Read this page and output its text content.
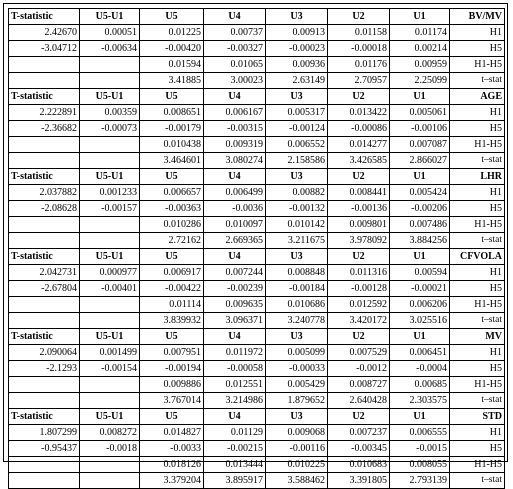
T-statistic	U5-U1	U5	U4	U3	U2	U1	BV/MV
2.42670	0.00051	0.01225	0.00737	0.00913	0.01158	0.01174	H1
-3.04712	-0.00634	-0.00420	-0.00327	-0.00023	-0.00018	0.00214	H5
		0.01594	0.01065	0.00936	0.01176	0.00959	H1-H5
		3.41885	3.00023	2.63149	2.70957	2.25099	t–stat
T-statistic	U5-U1	U5	U4	U3	U2	U1	AGE
2.222891	0.00359	0.008651	0.006167	0.005317	0.013422	0.005061	H1
-2.36682	-0.00073	-0.00179	-0.00315	-0.00124	-0.00086	-0.00106	H5
		0.010438	0.009319	0.006552	0.014277	0.007087	H1-H5
		3.464601	3.080274	2.158586	3.426585	2.866027	t–stat
T-statistic	U5-U1	U5	U4	U3	U2	U1	LHR
2.037882	0.001233	0.006657	0.006499	0.00882	0.008441	0.005424	H1
-2.08628	-0.00157	-0.00363	-0.0036	-0.00132	-0.00136	-0.00206	H5
		0.010286	0.010097	0.010142	0.009801	0.007486	H1-H5
		2.72162	2.669365	3.211675	3.978092	3.884256	t–stat
T-statistic	U5-U1	U5	U4	U3	U2	U1	CFVOLA
2.042731	0.000977	0.006917	0.007244	0.008848	0.011316	0.00594	H1
-2.67804	-0.00401	-0.00422	-0.00239	-0.00184	-0.00128	-0.00021	H5
		0.01114	0.009635	0.010686	0.012592	0.006206	H1-H5
		3.839932	3.096371	3.240778	3.420172	3.025516	t–stat
T-statistic	U5-U1	U5	U4	U3	U2	U1	MV
2.090064	0.001499	0.007951	0.011972	0.005099	0.007529	0.006451	H1
-2.1293	-0.00154	-0.00194	-0.00058	-0.00033	-0.0012	-0.0004	H5
		0.009886	0.012551	0.005429	0.008727	0.00685	H1-H5
		3.767014	3.214986	1.879652	2.640428	2.303575	t–stat
T-statistic	U5-U1	U5	U4	U3	U2	U1	STD
1.807299	0.008272	0.014827	0.01129	0.009068	0.007237	0.006555	H1
-0.95437	-0.0018	-0.0033	-0.00215	-0.00116	-0.00345	-0.0015	H5
		0.018126	0.013444	0.010225	0.010683	0.008055	H1-H5
		3.379204	3.895917	3.588462	3.391805	2.793139	t–stat
